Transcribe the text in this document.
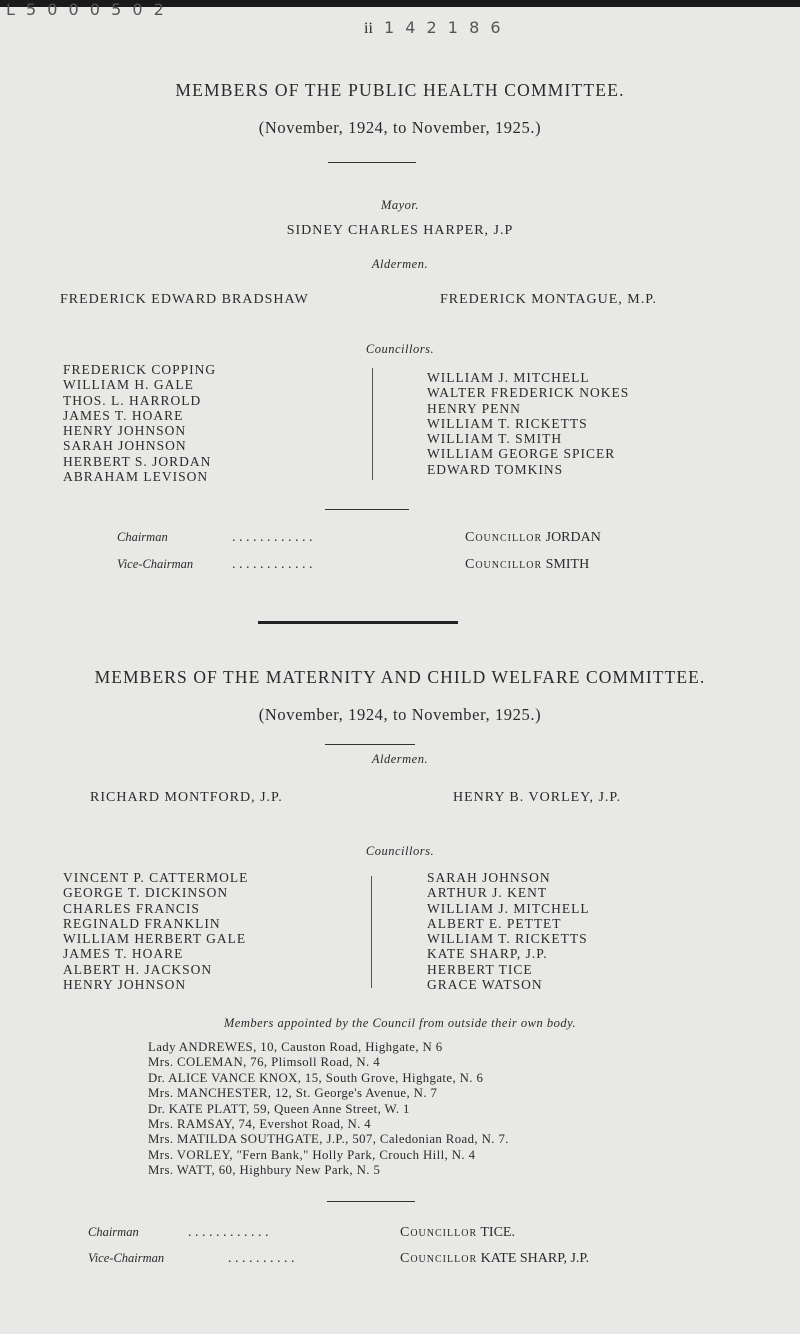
L 5 0 0 0 5 0 2
ii 1 4 2 1 8 6
MEMBERS OF THE PUBLIC HEALTH COMMITTEE.
(November, 1924, to November, 1925.)
Mayor.
SIDNEY CHARLES HARPER, J.P
Aldermen.
FREDERICK EDWARD BRADSHAW	FREDERICK MONTAGUE, M.P.
Councillors.
FREDERICK COPPING
WILLIAM H. GALE
THOS. L. HARROLD
JAMES T. HOARE
HENRY JOHNSON
SARAH JOHNSON
HERBERT S. JORDAN
ABRAHAM LEVISON
WILLIAM J. MITCHELL
WALTER FREDERICK NOKES
HENRY PENN
WILLIAM T. RICKETTS
WILLIAM T. SMITH
WILLIAM GEORGE SPICER
EDWARD TOMKINS
Chairman	. . . . . . . . . . . .	Councillor JORDAN
Vice-Chairman	. . . . . . . . . . . .	Councillor SMITH
MEMBERS OF THE MATERNITY AND CHILD WELFARE COMMITTEE.
(November, 1924, to November, 1925.)
Aldermen.
RICHARD MONTFORD, J.P.	HENRY B. VORLEY, J.P.
Councillors.
VINCENT P. CATTERMOLE
GEORGE T. DICKINSON
CHARLES FRANCIS
REGINALD FRANKLIN
WILLIAM HERBERT GALE
JAMES T. HOARE
ALBERT H. JACKSON
HENRY JOHNSON
SARAH JOHNSON
ARTHUR J. KENT
WILLIAM J. MITCHELL
ALBERT E. PETTET
WILLIAM T. RICKETTS
KATE SHARP, J.P.
HERBERT TICE
GRACE WATSON
Members appointed by the Council from outside their own body.
Lady ANDREWES, 10, Causton Road, Highgate, N 6
Mrs. COLEMAN, 76, Plimsoll Road, N. 4
Dr. ALICE VANCE KNOX, 15, South Grove, Highgate, N. 6
Mrs. MANCHESTER, 12, St. George's Avenue, N. 7
Dr. KATE PLATT, 59, Queen Anne Street, W. 1
Mrs. RAMSAY, 74, Evershot Road, N. 4
Mrs. MATILDA SOUTHGATE, J.P., 507, Caledonian Road, N. 7.
Mrs. VORLEY, "Fern Bank," Holly Park, Crouch Hill, N. 4
Mrs. WATT, 60, Highbury New Park, N. 5
Chairman	. . . . . . . . . . . .	Councillor TICE.
Vice-Chairman	. . . . . . . . . .	Councillor KATE SHARP, J.P.
